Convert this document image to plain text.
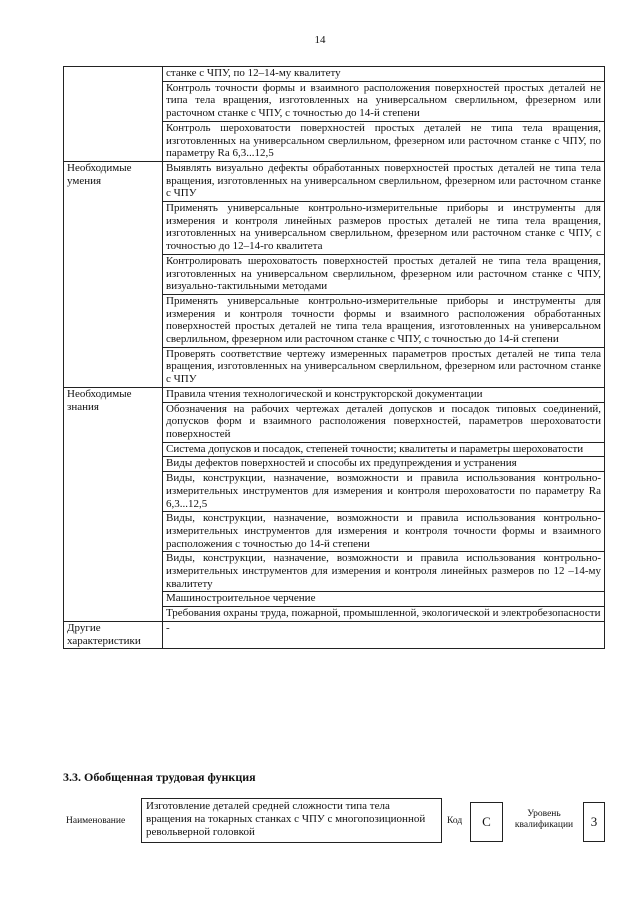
14
	станке с ЧПУ, по 12–14-му квалитету
	Контроль точности формы и взаимного расположения поверхностей простых деталей не типа тела вращения, изготовленных на универсальном сверлильном, фрезерном или расточном станке с ЧПУ, с точностью до 14-й степени
	Контроль шероховатости поверхностей простых деталей не типа тела вращения, изготовленных на универсальном сверлильном, фрезерном или расточном станке с ЧПУ, по параметру Ra 6,3...12,5
Необходимые умения	Выявлять визуально дефекты обработанных поверхностей простых деталей не типа тела вращения, изготовленных на универсальном сверлильном, фрезерном или расточном станке с ЧПУ
	Применять универсальные контрольно-измерительные приборы и инструменты для измерения и контроля линейных размеров простых деталей не типа тела вращения, изготовленных на универсальном сверлильном, фрезерном или расточном станке с ЧПУ, с точностью до 12–14-го квалитета
	Контролировать шероховатость поверхностей простых деталей не типа тела вращения, изготовленных на универсальном сверлильном, фрезерном или расточном станке с ЧПУ, визуально-тактильными методами
	Применять универсальные контрольно-измерительные приборы и инструменты для измерения и контроля точности формы и взаимного расположения обработанных поверхностей простых деталей не типа тела вращения, изготовленных на универсальном сверлильном, фрезерном или расточном станке с ЧПУ, с точностью до 14-й степени
	Проверять соответствие чертежу измеренных параметров простых деталей не типа тела вращения, изготовленных на универсальном сверлильном, фрезерном или расточном станке с ЧПУ
Необходимые знания	Правила чтения технологической и конструкторской документации
	Обозначения на рабочих чертежах деталей допусков и посадок типовых соединений, допусков форм и взаимного расположения поверхностей, параметров шероховатости поверхностей
	Система допусков и посадок, степеней точности; квалитеты и параметры шероховатости
	Виды дефектов поверхностей и способы их предупреждения и устранения
	Виды, конструкции, назначение, возможности и правила использования контрольно-измерительных инструментов для измерения и контроля шероховатости по параметру Ra 6,3...12,5
	Виды, конструкции, назначение, возможности и правила использования контрольно-измерительных инструментов для измерения и контроля точности формы и взаимного расположения с точностью до 14-й степени
	Виды, конструкции, назначение, возможности и правила использования контрольно-измерительных инструментов для измерения и контроля линейных размеров по 12 –14-му квалитету
	Машиностроительное черчение
	Требования охраны труда, пожарной, промышленной, экологической и электробезопасности
Другие характеристики	-
3.3. Обобщенная трудовая функция
Наименование
Изготовление деталей средней сложности типа тела вращения на токарных станках с ЧПУ с многопозиционной револьверной головкой
Код	C	Уровень квалификации	3
